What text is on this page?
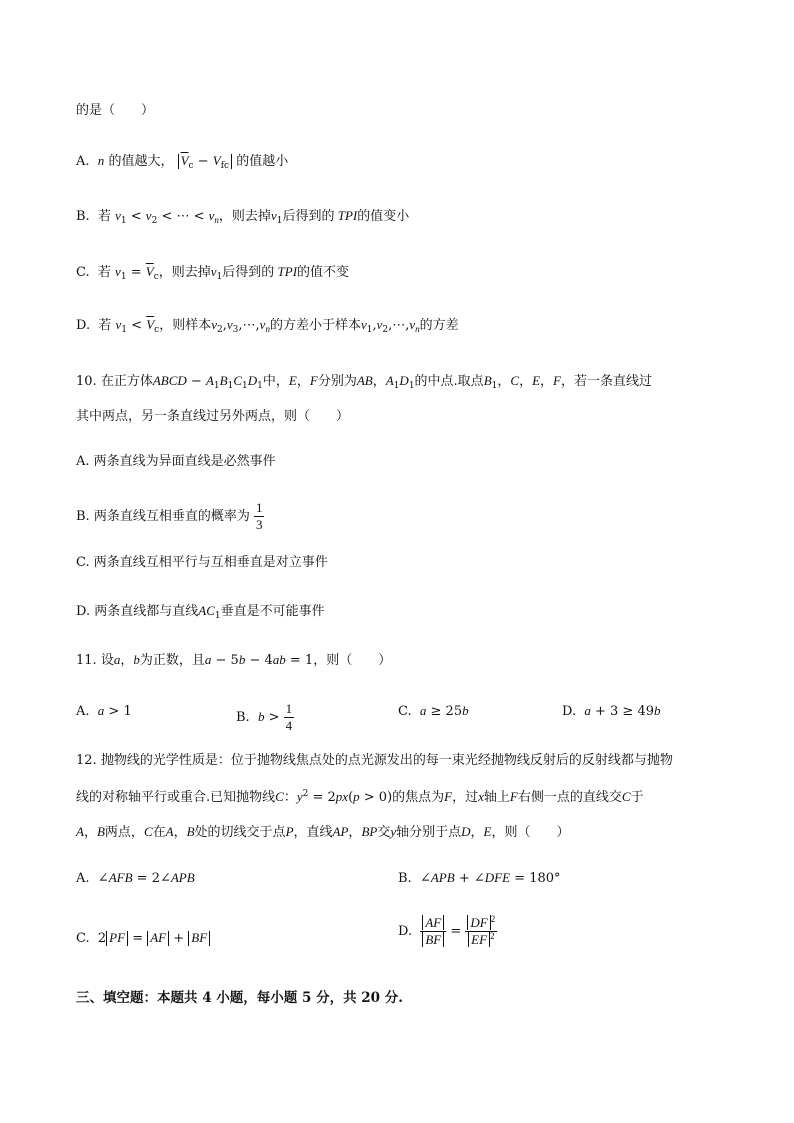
的是（　　）
A. n 的值越大， $\overline{V}_c - V_{fc}$ 的值越小
B. 若 $v_1 < v_2$ < ⋯ < $v_n$，则去掉$v_1$后得到的 TPI的值变小
C. 若 $v_1 = \overline{V}_c$，则去掉$v_1$后得到的 TPI的值不变
D. 若 $v_1 < \overline{V}_c$，则样本$v_2,v_3,\cdots,v_n$的方差小于样本$v_1,v_2,\cdots,v_n$的方差
10. 在正方体ABCD − $A_1B_1C_1D_1$中，E，F分别为AB，$A_1D_1$的中点.取点$B_1$，C，E，F，若一条直线过
其中两点，另一条直线过另外两点，则（　　）
A. 两条直线为异面直线是必然事件
B. 两条直线互相垂直的概率为 $\frac{1}{3}$
C. 两条直线互相平行与互相垂直是对立事件
D. 两条直线都与直线$AC_1$垂直是不可能事件
11. 设a，b为正数，且a − 5b − 4ab = 1，则（　　）
A. a > 1	B. $b > \frac{1}{4}$	C. a ≥ 25b	D. a + 3 ≥ 49b
12. 抛物线的光学性质是：位于抛物线焦点处的点光源发出的每一束光经抛物线反射后的反射线都与抛物
线的对称轴平行或重合.已知抛物线C：$y^2 = 2px(p > 0)$的焦点为F，过x轴上F右侧一点的直线交C于
A，B两点，C在A，B处的切线交于点P，直线AP，BP交y轴分别于点D，E，则（　　）
A.  ∠AFB = 2∠APB	B.  ∠APB + ∠DFE = 180°
C.  2 PF = AF + BF	D. $\frac{AF}{BF} = \frac{DF ^2}{EF ^2}$
三、填空题：本题共 4 小题，每小题 5 分，共 20 分.
